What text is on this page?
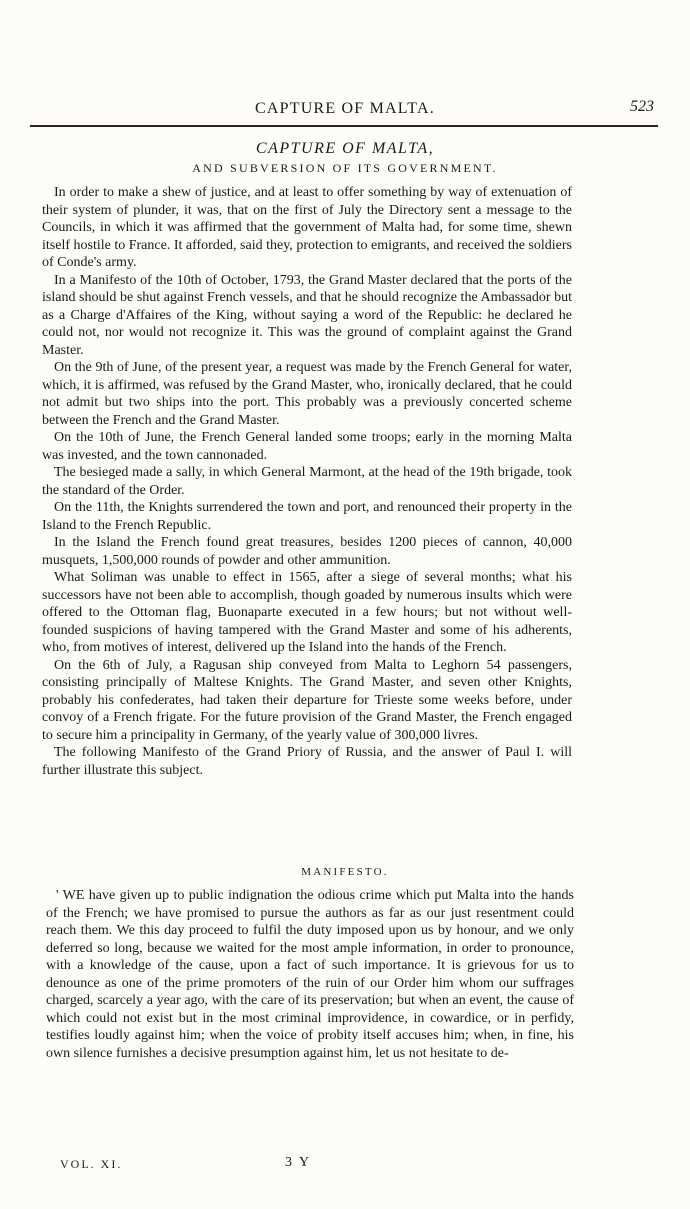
CAPTURE OF MALTA.	523
CAPTURE OF MALTA,
AND SUBVERSION OF ITS GOVERNMENT.

In order to make a shew of justice, and at least to offer something by way of extenuation of their system of plunder, it was, that on the first of July the Directory sent a message to the Councils, in which it was affirmed that the government of Malta had, for some time, shewn itself hostile to France. It afforded, said they, protection to emigrants, and received the soldiers of Conde's army.

In a Manifesto of the 10th of October, 1793, the Grand Master declared that the ports of the island should be shut against French vessels, and that he should recognize the Ambassador but as a Charge d'Affaires of the King, without saying a word of the Republic: he declared he could not, nor would not recognize it. This was the ground of complaint against the Grand Master.

On the 9th of June, of the present year, a request was made by the French General for water, which, it is affirmed, was refused by the Grand Master, who, ironically declared, that he could not admit but two ships into the port. This probably was a previously concerted scheme between the French and the Grand Master.

On the 10th of June, the French General landed some troops; early in the morning Malta was invested, and the town cannonaded.

The besieged made a sally, in which General Marmont, at the head of the 19th brigade, took the standard of the Order.

On the 11th, the Knights surrendered the town and port, and renounced their property in the Island to the French Republic.

In the Island the French found great treasures, besides 1200 pieces of cannon, 40,000 musquets, 1,500,000 rounds of powder and other ammunition.

What Soliman was unable to effect in 1565, after a siege of several months; what his successors have not been able to accomplish, though goaded by numerous insults which were offered to the Ottoman flag, Buonaparte executed in a few hours; but not without well-founded suspicions of having tampered with the Grand Master and some of his adherents, who, from motives of interest, delivered up the Island into the hands of the French.

On the 6th of July, a Ragusan ship conveyed from Malta to Leghorn 54 passengers, consisting principally of Maltese Knights. The Grand Master, and seven other Knights, probably his confederates, had taken their departure for Trieste some weeks before, under convoy of a French frigate. For the future provision of the Grand Master, the French engaged to secure him a principality in Germany, of the yearly value of 300,000 livres.

The following Manifesto of the Grand Priory of Russia, and the answer of Paul I. will further illustrate this subject.

MANIFESTO.

' WE have given up to public indignation the odious crime which put Malta into the hands of the French; we have promised to pursue the authors as far as our just resentment could reach them. We this day proceed to fulfil the duty imposed upon us by honour, and we only deferred so long, because we waited for the most ample information, in order to pronounce, with a knowledge of the cause, upon a fact of such importance. It is grievous for us to denounce as one of the prime promoters of the ruin of our Order him whom our suffrages charged, scarcely a year ago, with the care of its preservation; but when an event, the cause of which could not exist but in the most criminal improvidence, in cowardice, or in perfidy, testifies loudly against him; when the voice of probity itself accuses him; when, in fine, his own silence furnishes a decisive presumption against him, let us not hesitate to de-

VOL. XI.	3 Y
